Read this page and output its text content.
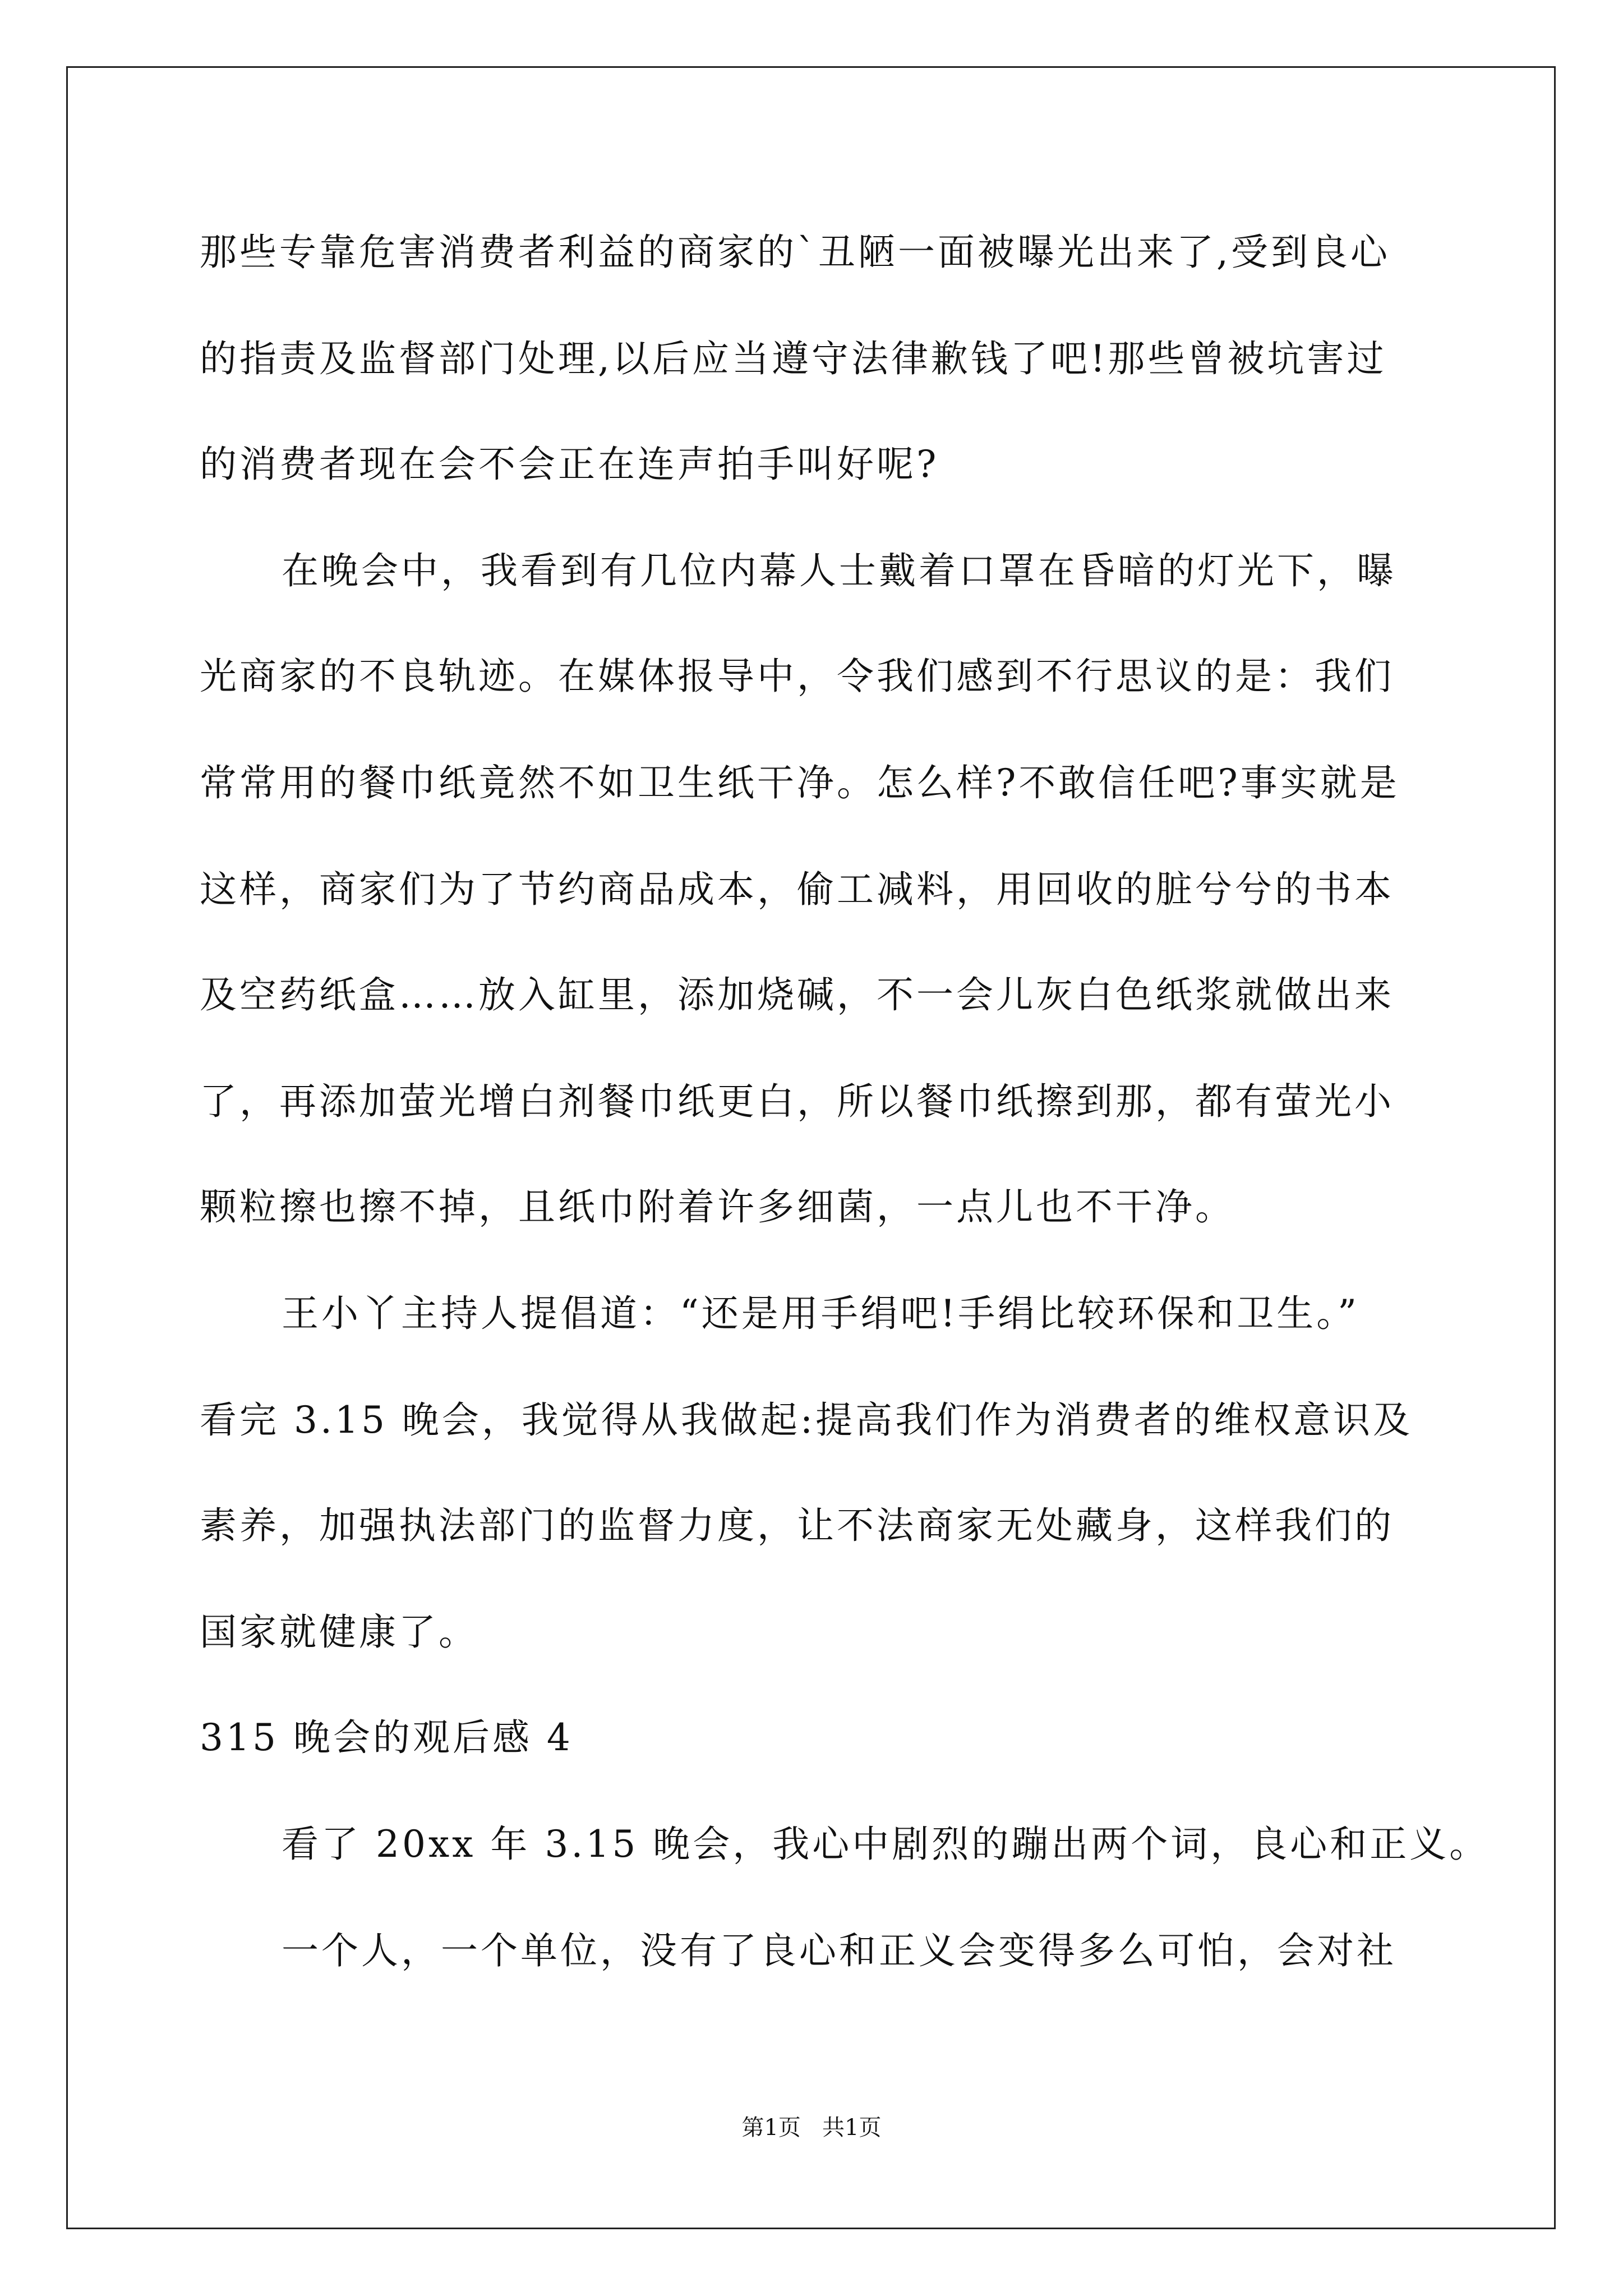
那些专靠危害消费者利益的商家的`丑陋一面被曝光出来了,受到良心
的指责及监督部门处理,以后应当遵守法律歉钱了吧!那些曾被坑害过
的消费者现在会不会正在连声拍手叫好呢?
在晚会中，我看到有几位内幕人士戴着口罩在昏暗的灯光下，曝
光商家的不良轨迹。在媒体报导中，令我们感到不行思议的是：我们
常常用的餐巾纸竟然不如卫生纸干净。怎么样?不敢信任吧?事实就是
这样，商家们为了节约商品成本，偷工减料，用回收的脏兮兮的书本
及空药纸盒……放入缸里，添加烧碱，不一会儿灰白色纸浆就做出来
了，再添加萤光增白剂餐巾纸更白，所以餐巾纸擦到那，都有萤光小
颗粒擦也擦不掉，且纸巾附着许多细菌，一点儿也不干净。
王小丫主持人提倡道：“还是用手绢吧!手绢比较环保和卫生。”
看完 3.15 晚会，我觉得从我做起:提高我们作为消费者的维权意识及
素养，加强执法部门的监督力度，让不法商家无处藏身，这样我们的
国家就健康了。
315 晚会的观后感 4
看了 20xx 年 3.15 晚会，我心中剧烈的蹦出两个词，良心和正义。
一个人，一个单位，没有了良心和正义会变得多么可怕，会对社
第1页   共1页
